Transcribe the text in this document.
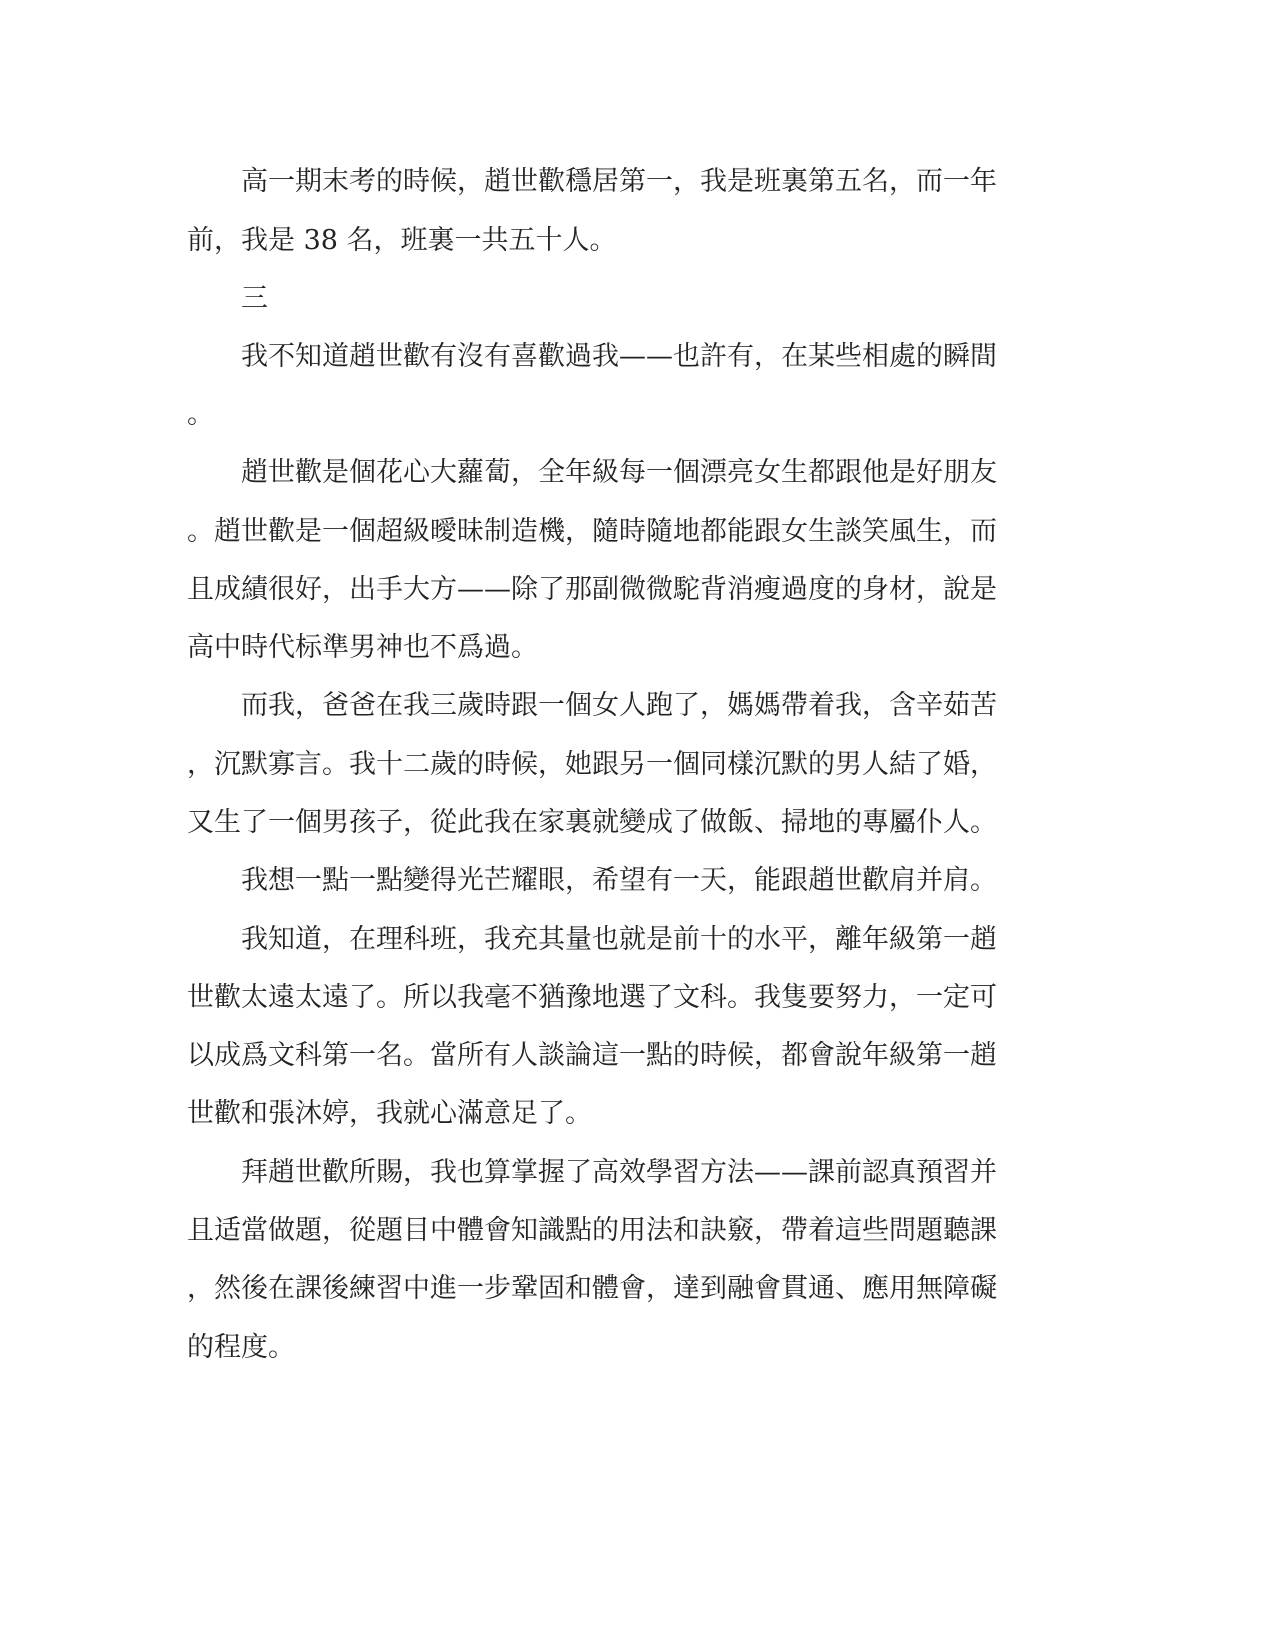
　　高一期末考的時候，趙世歡穩居第一，我是班裏第五名，而一年

前，我是 38 名，班裏一共五十人。

　　三

　　我不知道趙世歡有沒有喜歡過我——也許有，在某些相處的瞬間

。

　　趙世歡是個花心大蘿蔔，全年級每一個漂亮女生都跟他是好朋友

。趙世歡是一個超級曖昧制造機，隨時隨地都能跟女生談笑風生，而

且成績很好，出手大方——除了那副微微駝背消瘦過度的身材，說是

高中時代标準男神也不爲過。

　　而我，爸爸在我三歲時跟一個女人跑了，媽媽帶着我，含辛茹苦

，沉默寡言。我十二歲的時候，她跟另一個同樣沉默的男人結了婚，

又生了一個男孩子，從此我在家裏就變成了做飯、掃地的專屬仆人。

　　我想一點一點變得光芒耀眼，希望有一天，能跟趙世歡肩并肩。

　　我知道，在理科班，我充其量也就是前十的水平，離年級第一趙

世歡太遠太遠了。所以我毫不猶豫地選了文科。我隻要努力，一定可

以成爲文科第一名。當所有人談論這一點的時候，都會說年級第一趙

世歡和張沐婷，我就心滿意足了。

　　拜趙世歡所賜，我也算掌握了高效學習方法——課前認真預習并

且适當做題，從題目中體會知識點的用法和訣竅，帶着這些問題聽課

，然後在課後練習中進一步鞏固和體會，達到融會貫通、應用無障礙

的程度。
